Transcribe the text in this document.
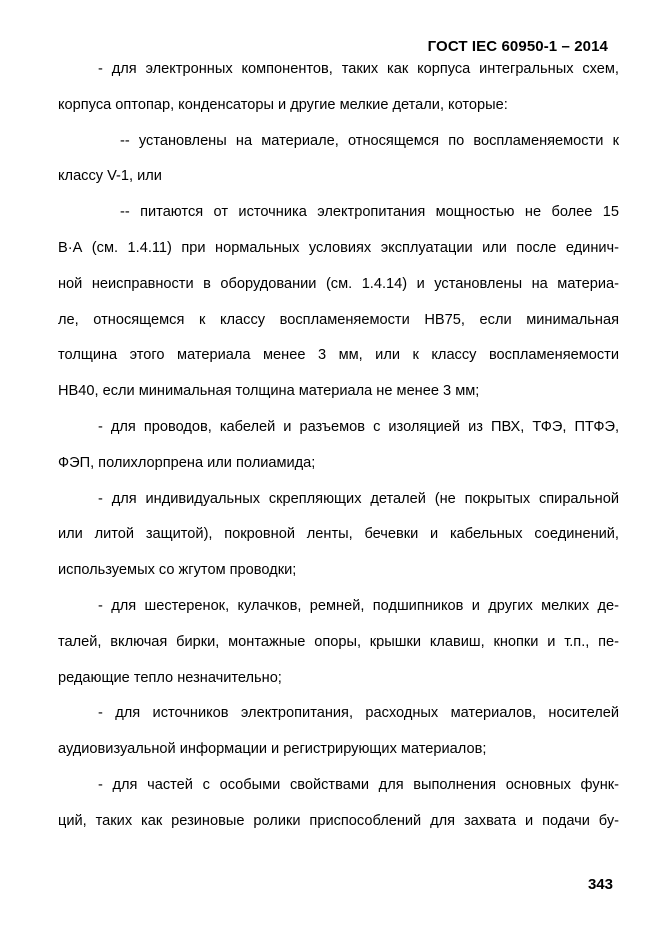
ГОСТ IEC 60950-1 – 2014
- для электронных компонентов, таких как корпуса интегральных схем,
корпуса оптопар, конденсаторы и другие мелкие детали, которые:
-- установлены на материале, относящемся по воспламеняемости к
классу V-1, или
-- питаются от источника электропитания мощностью не более 15
В·А (см. 1.4.11) при нормальных условиях эксплуатации или после единич-
ной неисправности в оборудовании (см. 1.4.14) и установлены на материа-
ле, относящемся к классу воспламеняемости НВ75, если минимальная
толщина этого материала менее 3 мм, или к классу воспламеняемости
НВ40, если минимальная толщина материала не менее 3 мм;
- для проводов, кабелей и разъемов с изоляцией из ПВХ, ТФЭ, ПТФЭ,
ФЭП, полихлорпрена или полиамида;
- для индивидуальных скрепляющих деталей (не покрытых спиральной
или литой защитой), покровной ленты, бечевки и кабельных соединений,
используемых со жгутом проводки;
- для шестеренок, кулачков, ремней, подшипников и других мелких де-
талей, включая бирки, монтажные опоры, крышки клавиш, кнопки и т.п., пе-
редающие тепло незначительно;
- для источников электропитания, расходных материалов, носителей
аудиовизуальной информации и регистрирующих материалов;
- для частей с особыми свойствами для выполнения основных функ-
ций, таких как резиновые ролики приспособлений для захвата и подачи бу-
343
